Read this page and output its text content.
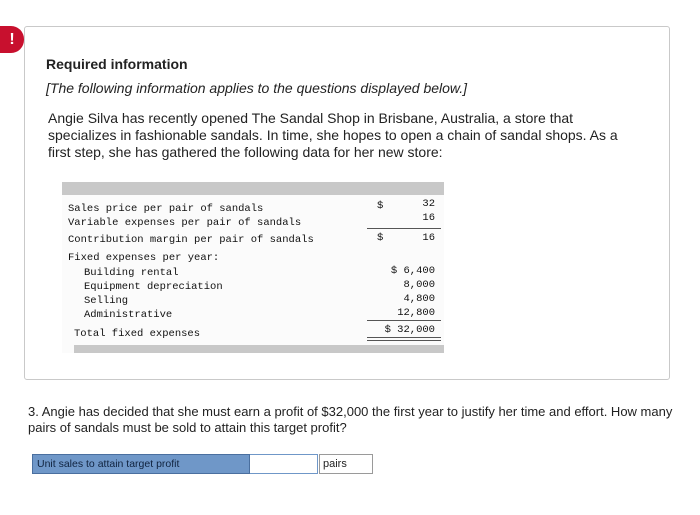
!
Required information
[The following information applies to the questions displayed below.]
Angie Silva has recently opened The Sandal Shop in Brisbane, Australia, a store that specializes in fashionable sandals. In time, she hopes to open a chain of sandal shops. As a first step, she has gathered the following data for her new store:
Sales price per pair of sandals	$	32
Variable expenses per pair of sandals	16
Contribution margin per pair of sandals	$	16
Fixed expenses per year:
Building rental	$ 6,400
Equipment depreciation	8,000
Selling	4,800
Administrative	12,800
Total fixed expenses	$ 32,000
3. Angie has decided that she must earn a profit of $32,000 the first year to justify her time and effort. How many pairs of sandals must be sold to attain this target profit?
Unit sales to attain target profit	pairs
